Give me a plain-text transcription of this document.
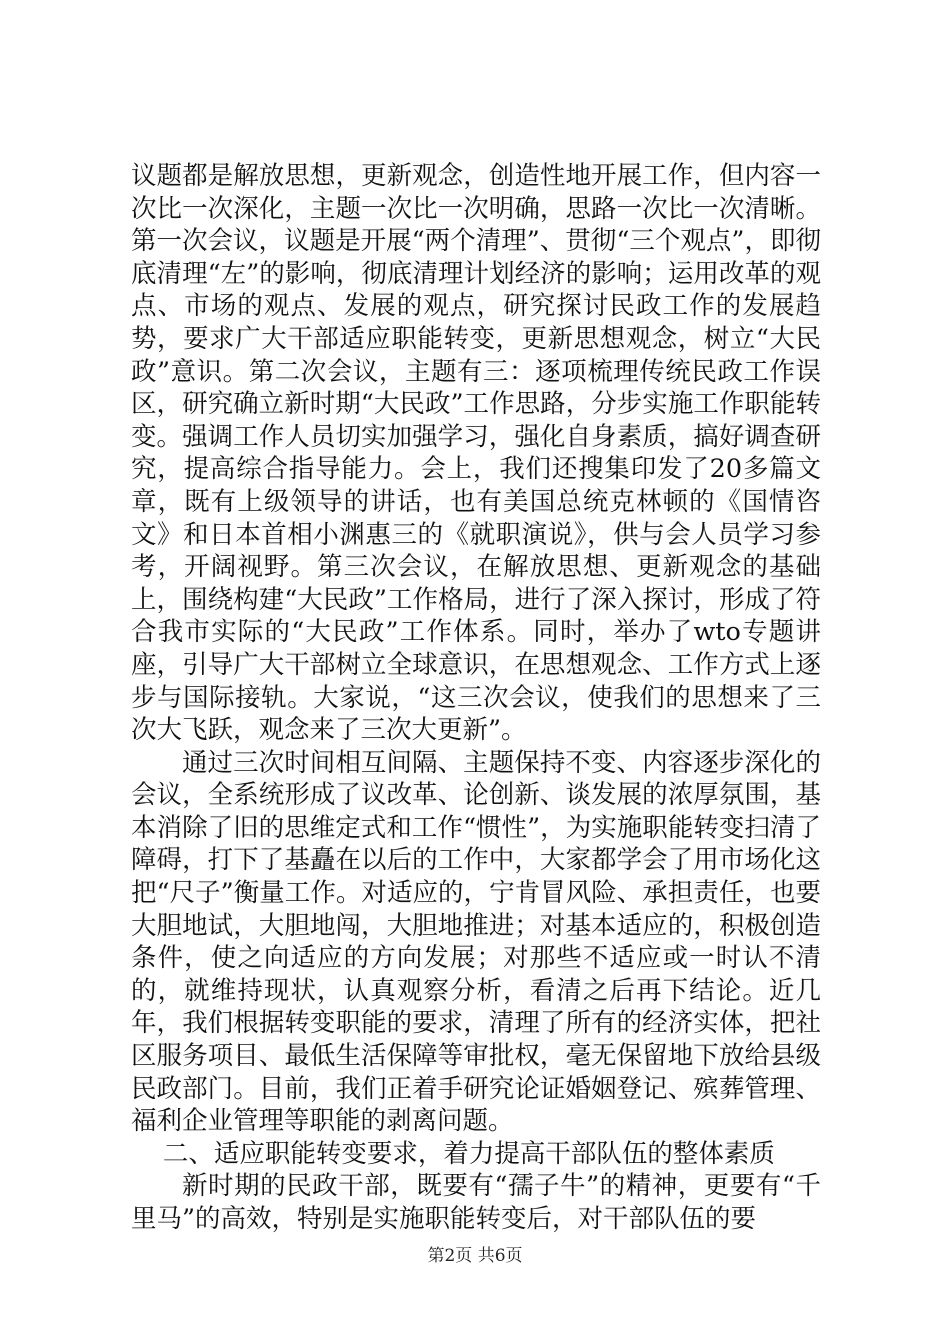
议题都是解放思想，更新观念，创造性地开展工作，但内容一次比一次深化，主题一次比一次明确，思路一次比一次清晰。第一次会议，议题是开展“两个清理”、贯彻“三个观点”，即彻底清理“左”的影响，彻底清理计划经济的影响；运用改革的观点、市场的观点、发展的观点，研究探讨民政工作的发展趋势，要求广大干部适应职能转变，更新思想观念，树立“大民政”意识。第二次会议，主题有三：逐项梳理传统民政工作误区，研究确立新时期“大民政”工作思路，分步实施工作职能转变。强调工作人员切实加强学习，强化自身素质，搞好调查研究，提高综合指导能力。会上，我们还搜集印发了20多篇文章，既有上级领导的讲话，也有美国总统克林顿的《国情咨文》和日本首相小渊惠三的《就职演说》，供与会人员学习参考，开阔视野。第三次会议，在解放思想、更新观念的基础上，围绕构建“大民政”工作格局，进行了深入探讨，形成了符合我市实际的“大民政”工作体系。同时，举办了wto专题讲座，引导广大干部树立全球意识，在思想观念、工作方式上逐步与国际接轨。大家说，“这三次会议，使我们的思想来了三次大飞跃，观念来了三次大更新”。

通过三次时间相互间隔、主题保持不变、内容逐步深化的会议，全系统形成了议改革、论创新、谈发展的浓厚氛围，基本消除了旧的思维定式和工作“惯性”，为实施职能转变扫清了障碍，打下了基矗在以后的工作中，大家都学会了用市场化这把“尺子”衡量工作。对适应的，宁肯冒风险、承担责任，也要大胆地试，大胆地闯，大胆地推进；对基本适应的，积极创造条件，使之向适应的方向发展；对那些不适应或一时认不清的，就维持现状，认真观察分析，看清之后再下结论。近几年，我们根据转变职能的要求，清理了所有的经济实体，把社区服务项目、最低生活保障等审批权，毫无保留地下放给县级民政部门。目前，我们正着手研究论证婚姻登记、殡葬管理、福利企业管理等职能的剥离问题。

二、适应职能转变要求，着力提高干部队伍的整体素质

新时期的民政干部，既要有“孺子牛”的精神，更要有“千里马”的高效，特别是实施职能转变后，对干部队伍的要

第2页 共6页
